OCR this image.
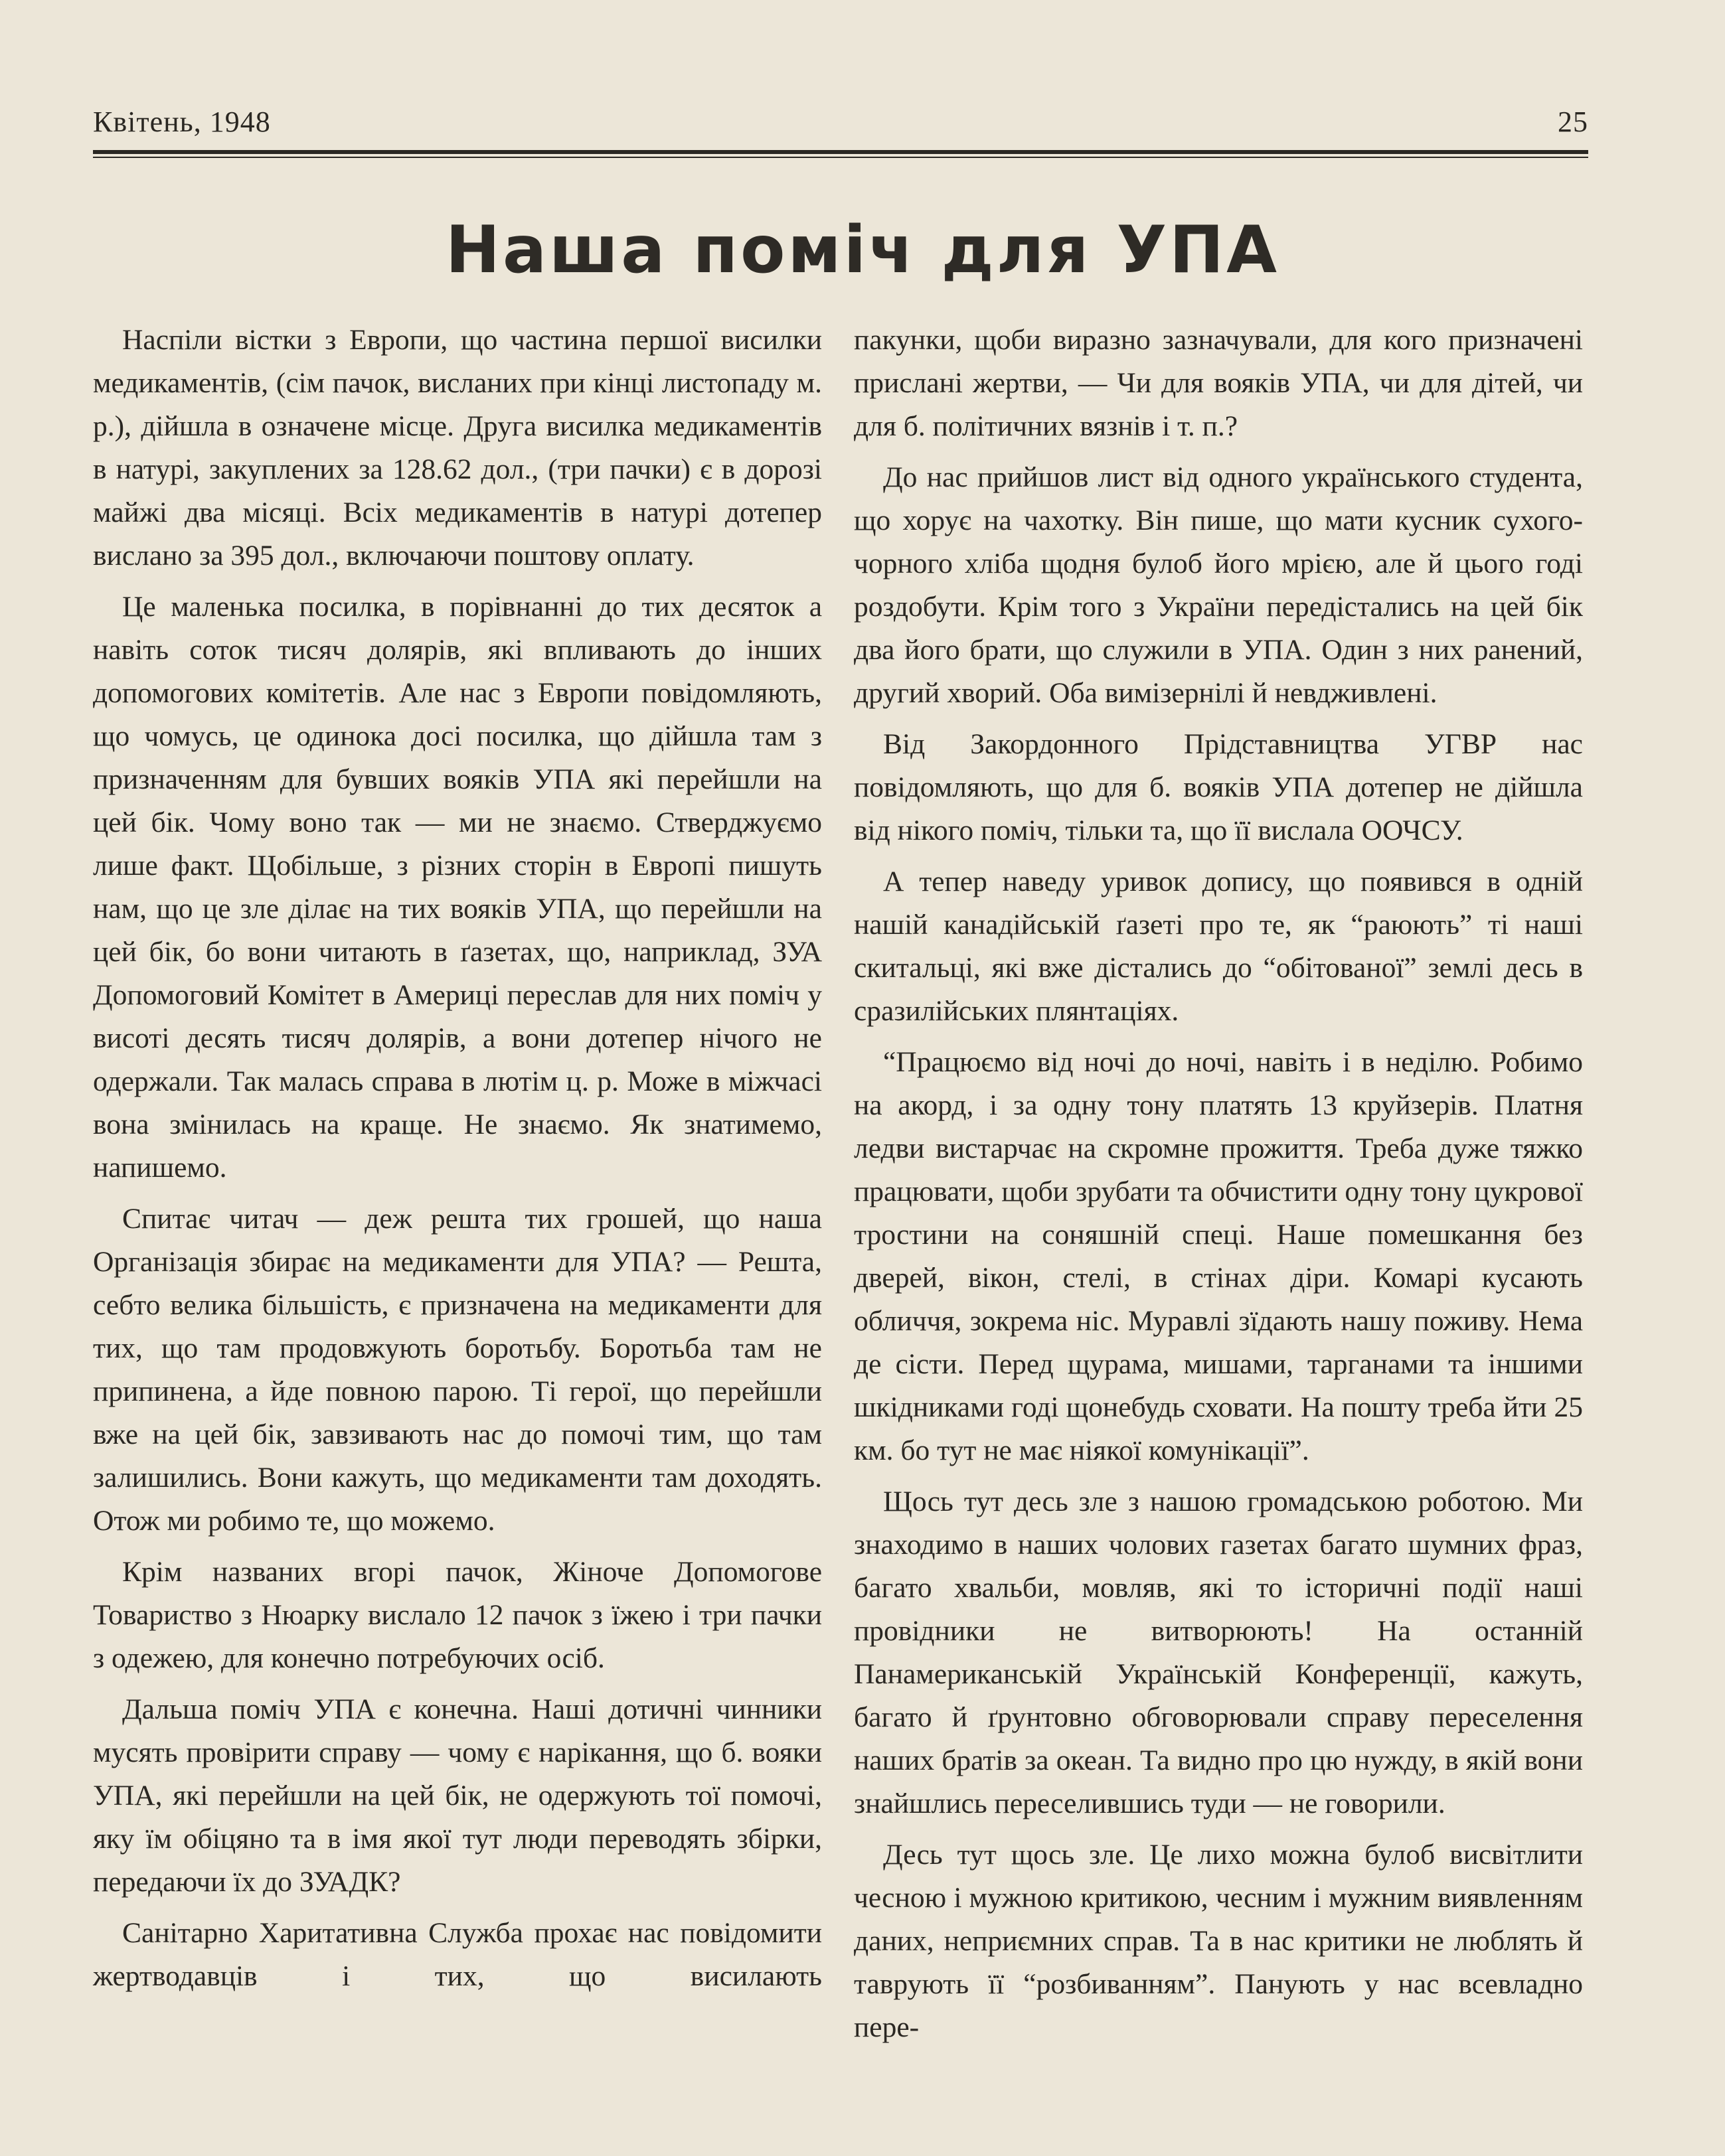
Квітень, 1948	25
Наша поміч для УПА

Наспіли вістки з Европи, що частина першої висилки медикаментів, (сім пачок, висланих при кінці листопаду м. р.), дійшла в означене місце. Друга висилка медикаментів в натурі, закуплених за 128.62 дол., (три пачки) є в дорозі майжі два місяці. Всіх медикаментів в натурі дотепер вислано за 395 дол., включаючи поштову оплату.

Це маленька посилка, в порівнанні до тих десяток а навіть соток тисяч долярів, які впливають до інших допомогових комітетів. Але нас з Европи повідомляють, що чомусь, це одинока досі посилка, що дійшла там з призначенням для бувших вояків УПА які перейшли на цей бік. Чому воно так — ми не знаємо. Стверджуємо лише факт. Щобільше, з різних сторін в Европі пишуть нам, що це зле ділає на тих вояків УПА, що перейшли на цей бік, бо вони читають в ґазетах, що, наприклад, ЗУА Допомоговий Комітет в Америці переслав для них поміч у висоті десять тисяч долярів, а вони дотепер нічого не одержали. Так малась справа в лютім ц. р. Може в міжчасі вона змінилась на краще. Не знаємо. Як знатимемо, напишемо.

Спитає читач — деж решта тих грошей, що наша Організація збирає на медикаменти для УПА? — Решта, себто велика більшість, є призначена на медикаменти для тих, що там продовжують боротьбу. Боротьба там не припинена, а йде повною парою. Ті герої, що перейшли вже на цей бік, завзивають нас до помочі тим, що там залишились. Вони кажуть, що медикаменти там доходять. Отож ми робимо те, що можемо.

Крім названих вгорі пачок, Жіноче Допомогове Товариство з Нюарку вислало 12 пачок з їжею і три пачки з одежею, для конечно потребуючих осіб.

Дальша поміч УПА є конечна. Наші дотичні чинники мусять провірити справу — чому є нарікання, що б. вояки УПА, які перейшли на цей бік, не одержують тої помочі, яку їм обіцяно та в імя якої тут люди переводять збірки, передаючи їх до ЗУАДК?

Санітарно Харитативна Служба прохає нас повідомити жертводавців і тих, що висилають

пакунки, щоби виразно зазначували, для кого призначені прислані жертви, — Чи для вояків УПА, чи для дітей, чи для б. політичних вязнів і т. п.?

До нас прийшов лист від одного українського студента, що хорує на чахотку. Він пише, що мати кусник сухого-чорного хліба щодня булоб його мрією, але й цього годі роздобути. Крім того з України передістались на цей бік два його брати, що служили в УПА. Один з них ранений, другий хворий. Оба вимізернілі й невдживлені.

Від Закордонного Прідставництва УГВР нас повідомляють, що для б. вояків УПА дотепер не дійшла від нікого поміч, тільки та, що її вислала ООЧСУ.

А тепер наведу уривок допису, що появився в одній нашій канадійській ґазеті про те, як “раюють” ті наші скитальці, які вже дістались до “обітованої” землі десь в сразилійських плянтаціях.

“Працюємо від ночі до ночі, навіть і в неділю. Робимо на акорд, і за одну тону платять 13 круйзерів. Платня ледви вистарчає на скромне прожиття. Треба дуже тяжко працювати, щоби зрубати та обчистити одну тону цукрової тростини на соняшній спеці. Наше помешкання без дверей, вікон, стелі, в стінах діри. Комарі кусають обличчя, зокрема ніс. Муравлі зїдають нашу поживу. Нема де сісти. Перед щурама, мишами, тарганами та іншими шкідниками годі щонебудь сховати. На пошту треба йти 25 км. бо тут не має ніякої комунікації”.

Щось тут десь зле з нашою громадською роботою. Ми знаходимо в наших чолових газетах багато шумних фраз, багато хвальби, мовляв, які то історичні події наші провідники не витворюють! На останній Панамериканській Українській Конференції, кажуть, багато й ґрунтовно обговорювали справу переселення наших братів за океан. Та видно про цю нужду, в якій вони знайшлись переселившись туди — не говорили.

Десь тут щось зле. Це лихо можна булоб висвітлити чесною і мужною критикою, чесним і мужним виявленням даних, неприємних справ. Та в нас критики не люблять й таврують її “розбиванням”. Панують у нас всевладно пере-
